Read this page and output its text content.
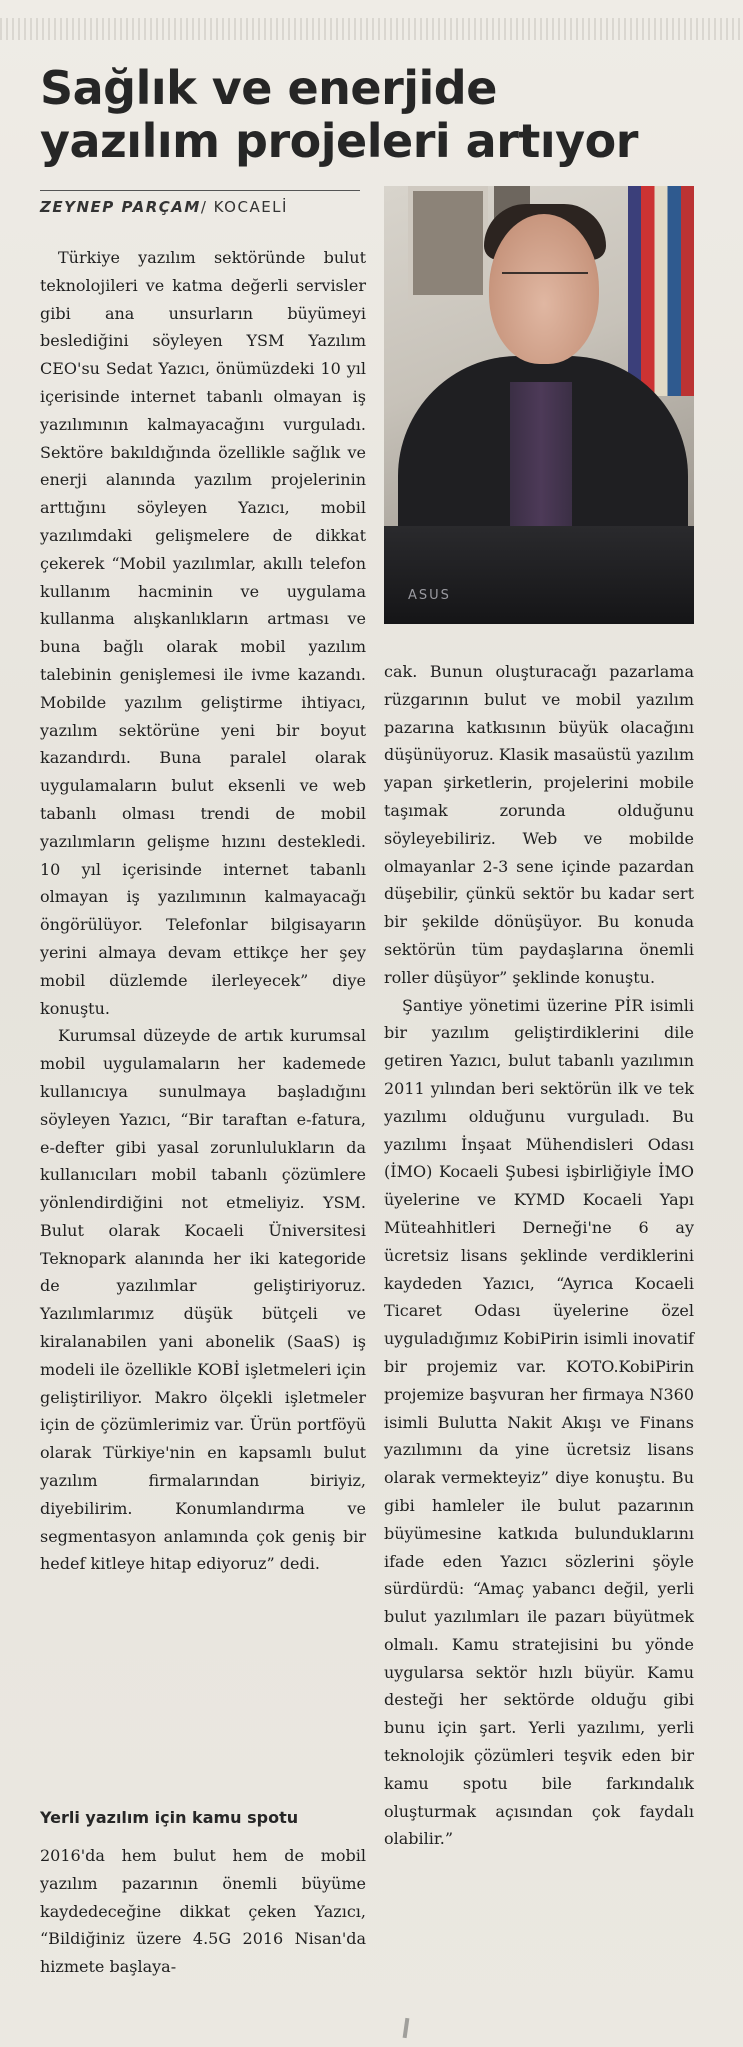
Sağlık ve enerjide
yazılım projeleri artıyor
ZEYNEP PARÇAM/ KOCAELİ
ASUS

Türkiye yazılım sektöründe bulut teknolojileri ve katma değerli servisler gibi ana unsurların büyümeyi beslediğini söyleyen YSM Yazılım CEO'su Sedat Yazıcı, önümüzdeki 10 yıl içerisinde internet tabanlı olmayan iş yazılımının kalmayacağını vurguladı. Sektöre bakıldığında özellikle sağlık ve enerji alanında yazılım projelerinin arttığını söyleyen Yazıcı, mobil yazılımdaki gelişmelere de dikkat çekerek “Mobil yazılımlar, akıllı telefon kullanım hacminin ve uygulama kullanma alışkanlıkların artması ve buna bağlı olarak mobil yazılım talebinin genişlemesi ile ivme kazandı. Mobilde yazılım geliştirme ihtiyacı, yazılım sektörüne yeni bir boyut kazandırdı. Buna paralel olarak uygulamaların bulut eksenli ve web tabanlı olması trendi de mobil yazılımların gelişme hızını destekledi. 10 yıl içerisinde internet tabanlı olmayan iş yazılımının kalmayacağı öngörülüyor. Telefonlar bilgisayarın yerini almaya devam ettikçe her şey mobil düzlemde ilerleyecek” diye konuştu.

Kurumsal düzeyde de artık kurumsal mobil uygulamaların her kademede kullanıcıya sunulmaya başladığını söyleyen Yazıcı, “Bir taraftan e-fatura, e-defter gibi yasal zorunlulukların da kullanıcıları mobil tabanlı çözümlere yönlendirdiğini not etmeliyiz. YSM. Bulut olarak Kocaeli Üniversitesi Teknopark alanında her iki kategoride de yazılımlar geliştiriyoruz. Yazılımlarımız düşük bütçeli ve kiralanabilen yani abonelik (SaaS) iş modeli ile özellikle KOBİ işletmeleri için geliştiriliyor. Makro ölçekli işletmeler için de çözümlerimiz var. Ürün portföyü olarak Türkiye'nin en kapsamlı bulut yazılım firmalarından biriyiz, diyebilirim. Konumlandırma ve segmentasyon anlamında çok geniş bir hedef kitleye hitap ediyoruz” dedi.

Yerli yazılım için kamu spotu

2016'da hem bulut hem de mobil yazılım pazarının önemli büyüme kaydedeceğine dikkat çeken Yazıcı, “Bildiğiniz üzere 4.5G 2016 Nisan'da hizmete başlaya-

cak. Bunun oluşturacağı pazarlama rüzgarının bulut ve mobil yazılım pazarına katkısının büyük olacağını düşünüyoruz. Klasik masaüstü yazılım yapan şirketlerin, projelerini mobile taşımak zorunda olduğunu söyleyebiliriz. Web ve mobilde olmayanlar 2-3 sene içinde pazardan düşebilir, çünkü sektör bu kadar sert bir şekilde dönüşüyor. Bu konuda sektörün tüm paydaşlarına önemli roller düşüyor” şeklinde konuştu.

Şantiye yönetimi üzerine PİR isimli bir yazılım geliştirdiklerini dile getiren Yazıcı, bulut tabanlı yazılımın 2011 yılından beri sektörün ilk ve tek yazılımı olduğunu vurguladı. Bu yazılımı İnşaat Mühendisleri Odası (İMO) Kocaeli Şubesi işbirliğiyle İMO üyelerine ve KYMD Kocaeli Yapı Müteahhitleri Derneği'ne 6 ay ücretsiz lisans şeklinde verdiklerini kaydeden Yazıcı, “Ayrıca Kocaeli Ticaret Odası üyelerine özel uyguladığımız KobiPirin isimli inovatif bir projemiz var. KOTO.KobiPirin projemize başvuran her firmaya N360 isimli Bulutta Nakit Akışı ve Finans yazılımını da yine ücretsiz lisans olarak vermekteyiz” diye konuştu. Bu gibi hamleler ile bulut pazarının büyümesine katkıda bulunduklarını ifade eden Yazıcı sözlerini şöyle sürdürdü: “Amaç yabancı değil, yerli bulut yazılımları ile pazarı büyütmek olmalı. Kamu stratejisini bu yönde uygularsa sektör hızlı büyür. Kamu desteği her sektörde olduğu gibi bunu için şart. Yerli yazılımı, yerli teknolojik çözümleri teşvik eden bir kamu spotu bile farkındalık oluşturmak açısından çok faydalı olabilir.”
